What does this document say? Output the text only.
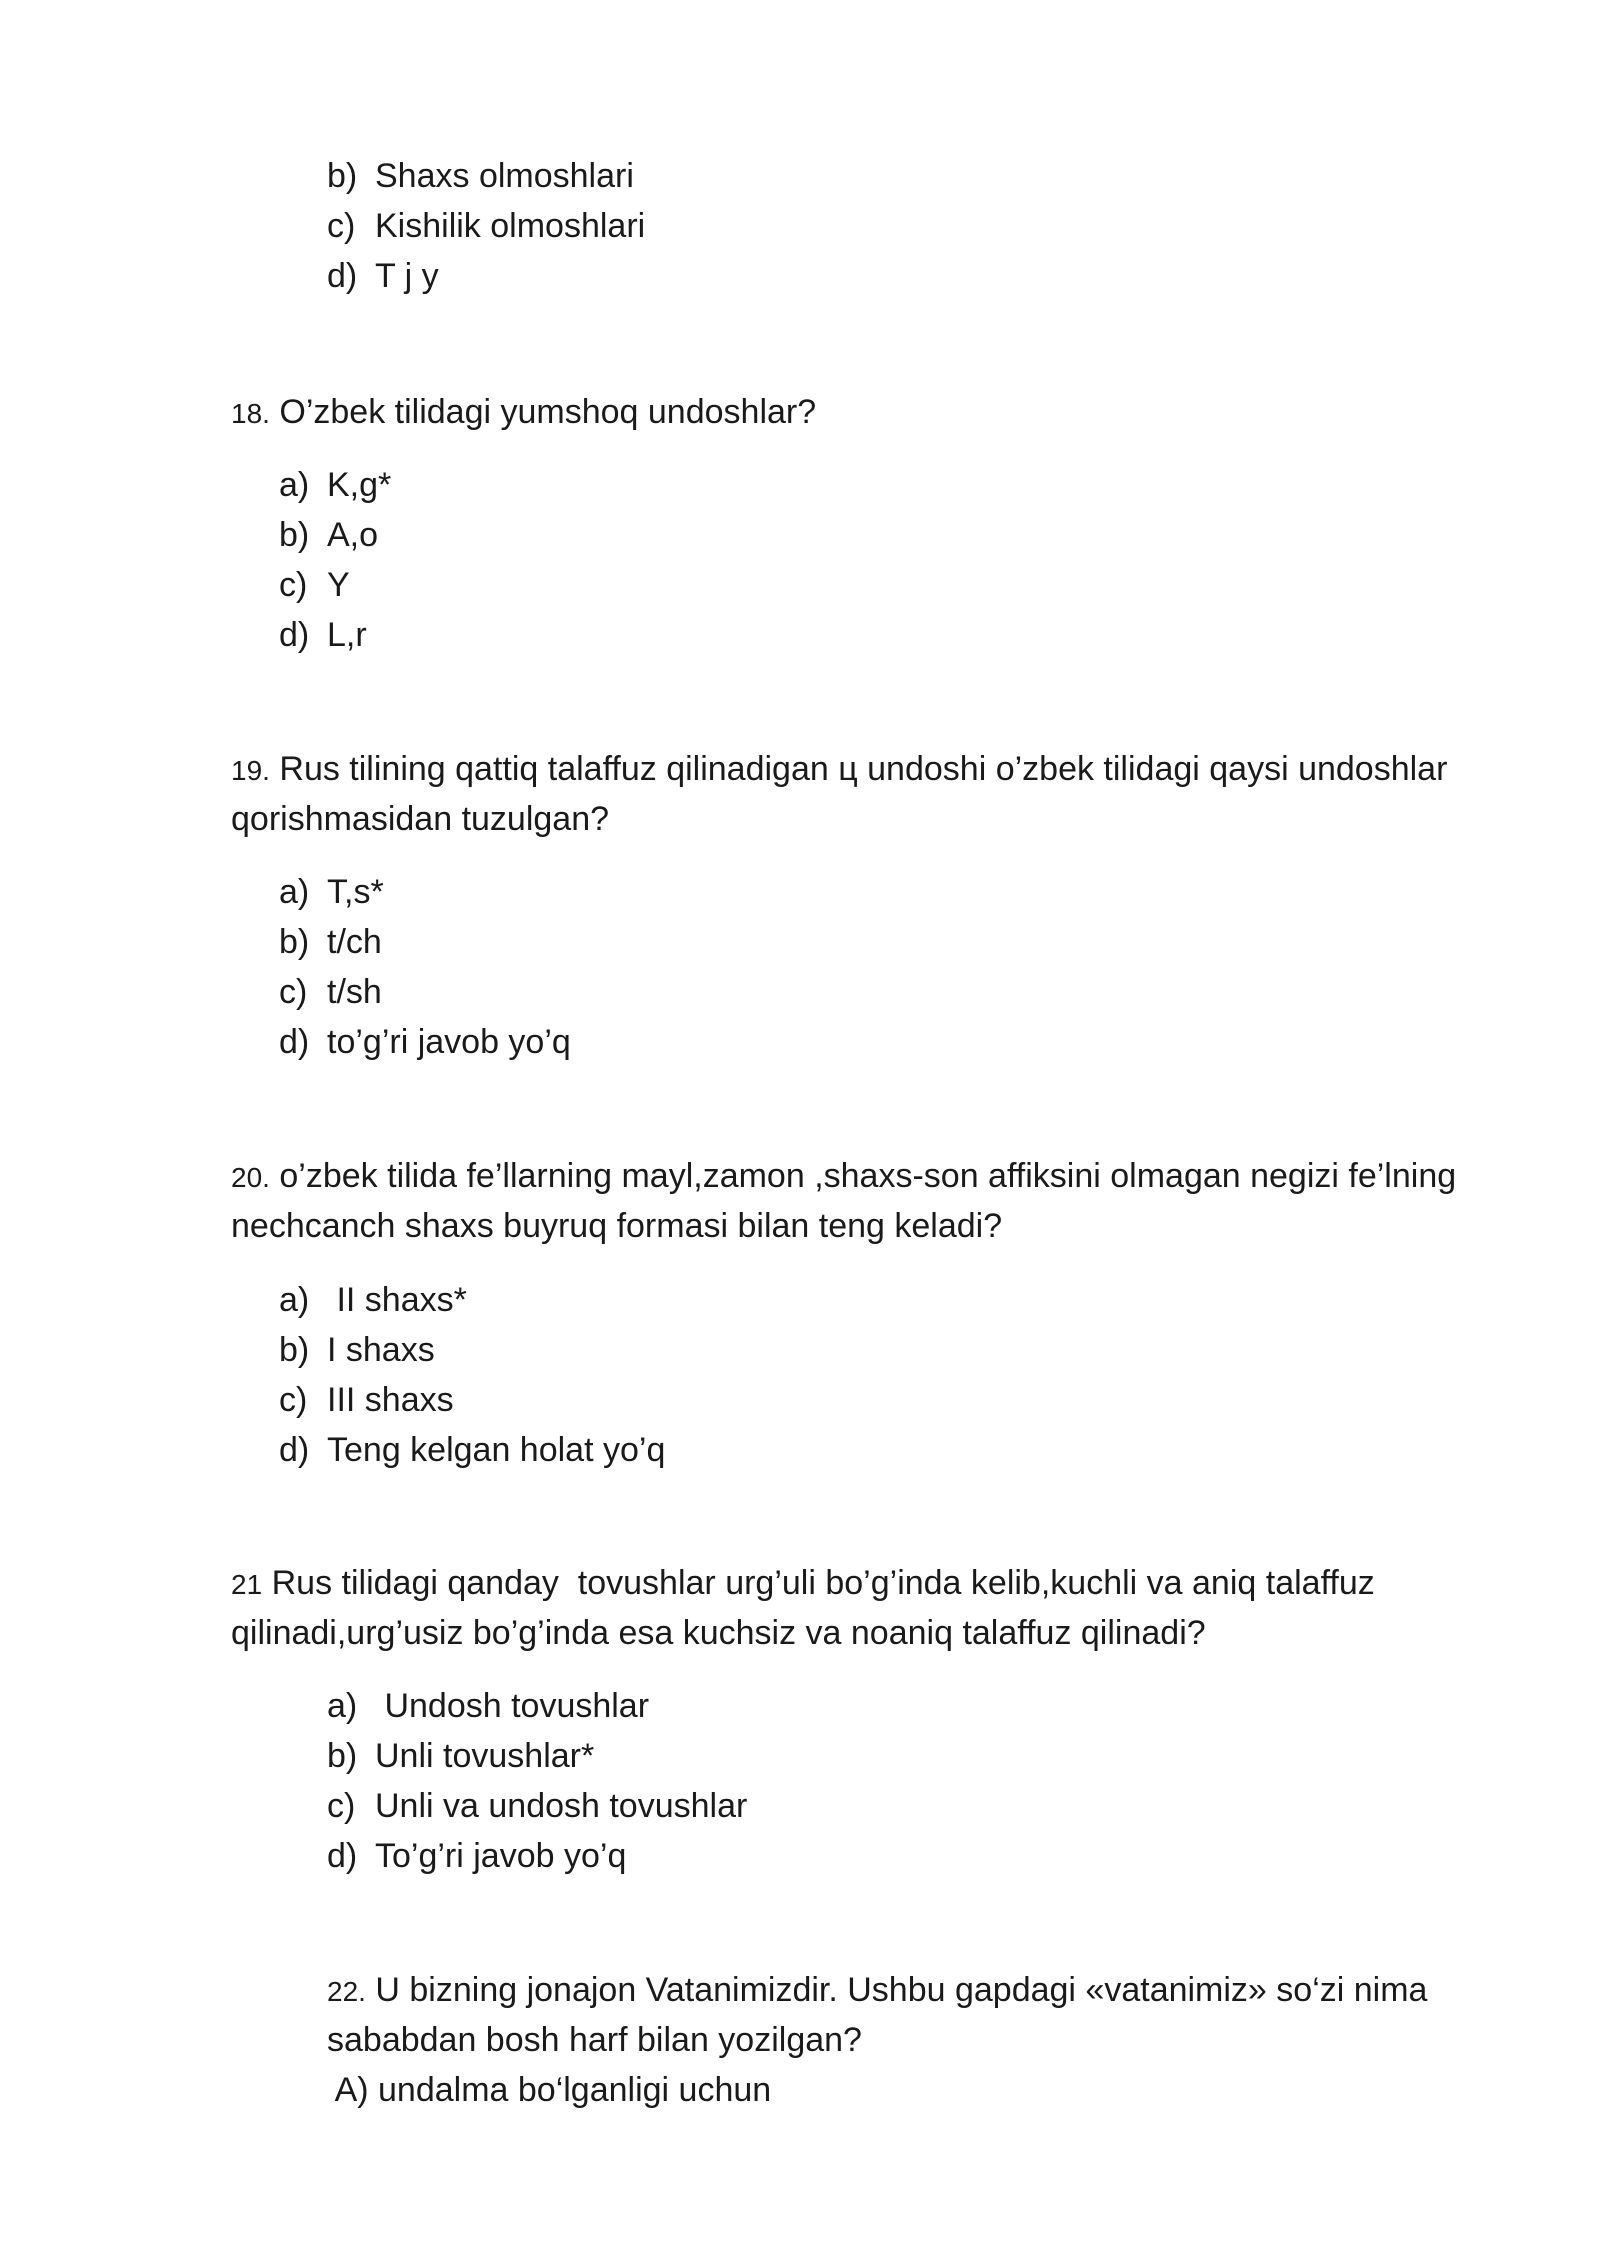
b) Shaxs olmoshlari
c) Kishilik olmoshlari
d) T j y
18. O’zbek tilidagi yumshoq undoshlar?
a) K,g*
b) A,o
c) Y
d) L,r
19. Rus tilining qattiq talaffuz qilinadigan ц undoshi o’zbek tilidagi qaysi undoshlar
qorishmasidan tuzulgan?
a) T,s*
b) t/ch
c) t/sh
d) to’g’ri javob yo’q
20. o’zbek tilida fe’llarning mayl,zamon ,shaxs-son affiksini olmagan negizi fe’lning
nechcanch shaxs buyruq formasi bilan teng keladi?
a) II shaxs*
b) I shaxs
c) III shaxs
d) Teng kelgan holat yo’q
21 Rus tilidagi qanday  tovushlar urg’uli bo’g’inda kelib,kuchli va aniq talaffuz
qilinadi,urg’usiz bo’g’inda esa kuchsiz va noaniq talaffuz qilinadi?
a) Undosh tovushlar
b) Unli tovushlar*
c) Unli va undosh tovushlar
d) To’g’ri javob yo’q
22. U bizning jonajon Vatanimizdir. Ushbu gapdagi «vatanimiz» so‘zi nima
sababdan bosh harf bilan yozilgan?
A) undalma bo‘lganligi uchun
